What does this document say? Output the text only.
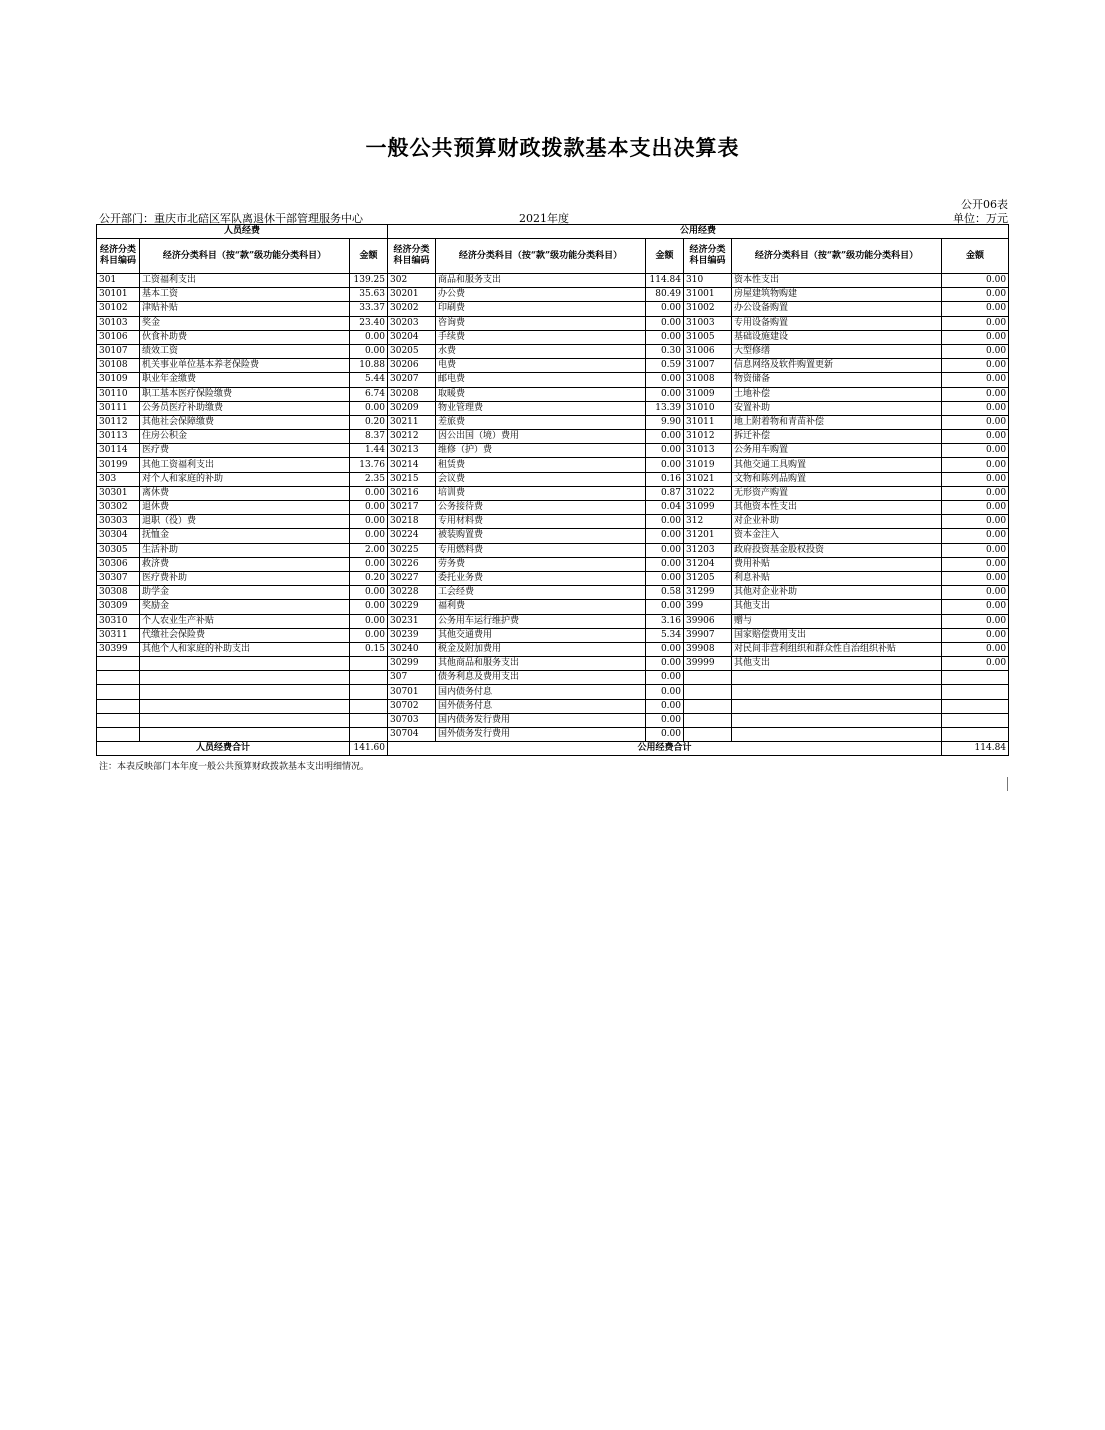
一般公共预算财政拨款基本支出决算表
公开06表
公开部门：重庆市北碚区军队离退休干部管理服务中心	2021年度	单位：万元
人员经费			公用经费					
经济分类科目编码	经济分类科目（按“款”级功能分类科目）	金额	经济分类科目编码	经济分类科目（按“款”级功能分类科目）	金额	经济分类科目编码	经济分类科目（按“款”级功能分类科目）	金额
301	工资福利支出	139.25	302	商品和服务支出	114.84	310	资本性支出	0.00
30101	基本工资	35.63	30201	办公费	80.49	31001	房屋建筑物购建	0.00
30102	津贴补贴	33.37	30202	印刷费	0.00	31002	办公设备购置	0.00
30103	奖金	23.40	30203	咨询费	0.00	31003	专用设备购置	0.00
30106	伙食补助费	0.00	30204	手续费	0.00	31005	基础设施建设	0.00
30107	绩效工资	0.00	30205	水费	0.30	31006	大型修缮	0.00
30108	机关事业单位基本养老保险费	10.88	30206	电费	0.59	31007	信息网络及软件购置更新	0.00
30109	职业年金缴费	5.44	30207	邮电费	0.00	31008	物资储备	0.00
30110	职工基本医疗保险缴费	6.74	30208	取暖费	0.00	31009	土地补偿	0.00
30111	公务员医疗补助缴费	0.00	30209	物业管理费	13.39	31010	安置补助	0.00
30112	其他社会保障缴费	0.20	30211	差旅费	9.90	31011	地上附着物和青苗补偿	0.00
30113	住房公积金	8.37	30212	因公出国（境）费用	0.00	31012	拆迁补偿	0.00
30114	医疗费	1.44	30213	维修（护）费	0.00	31013	公务用车购置	0.00
30199	其他工资福利支出	13.76	30214	租赁费	0.00	31019	其他交通工具购置	0.00
303	对个人和家庭的补助	2.35	30215	会议费	0.16	31021	文物和陈列品购置	0.00
30301	离休费	0.00	30216	培训费	0.87	31022	无形资产购置	0.00
30302	退休费	0.00	30217	公务接待费	0.04	31099	其他资本性支出	0.00
30303	退职（役）费	0.00	30218	专用材料费	0.00	312	对企业补助	0.00
30304	抚恤金	0.00	30224	被装购置费	0.00	31201	资本金注入	0.00
30305	生活补助	2.00	30225	专用燃料费	0.00	31203	政府投资基金股权投资	0.00
30306	救济费	0.00	30226	劳务费	0.00	31204	费用补贴	0.00
30307	医疗费补助	0.20	30227	委托业务费	0.00	31205	利息补贴	0.00
30308	助学金	0.00	30228	工会经费	0.58	31299	其他对企业补助	0.00
30309	奖励金	0.00	30229	福利费	0.00	399	其他支出	0.00
30310	个人农业生产补贴	0.00	30231	公务用车运行维护费	3.16	39906	赠与	0.00
30311	代缴社会保险费	0.00	30239	其他交通费用	5.34	39907	国家赔偿费用支出	0.00
30399	其他个人和家庭的补助支出	0.15	30240	税金及附加费用	0.00	39908	对民间非营利组织和群众性自治组织补贴	0.00
			30299	其他商品和服务支出	0.00	39999	其他支出	0.00
			307	债务利息及费用支出	0.00			
			30701	国内债务付息	0.00			
			30702	国外债务付息	0.00			
			30703	国内债务发行费用	0.00			
			30704	国外债务发行费用	0.00			
人员经费合计		141.60	公用经费合计					114.84
注：本表反映部门本年度一般公共预算财政拨款基本支出明细情况。
